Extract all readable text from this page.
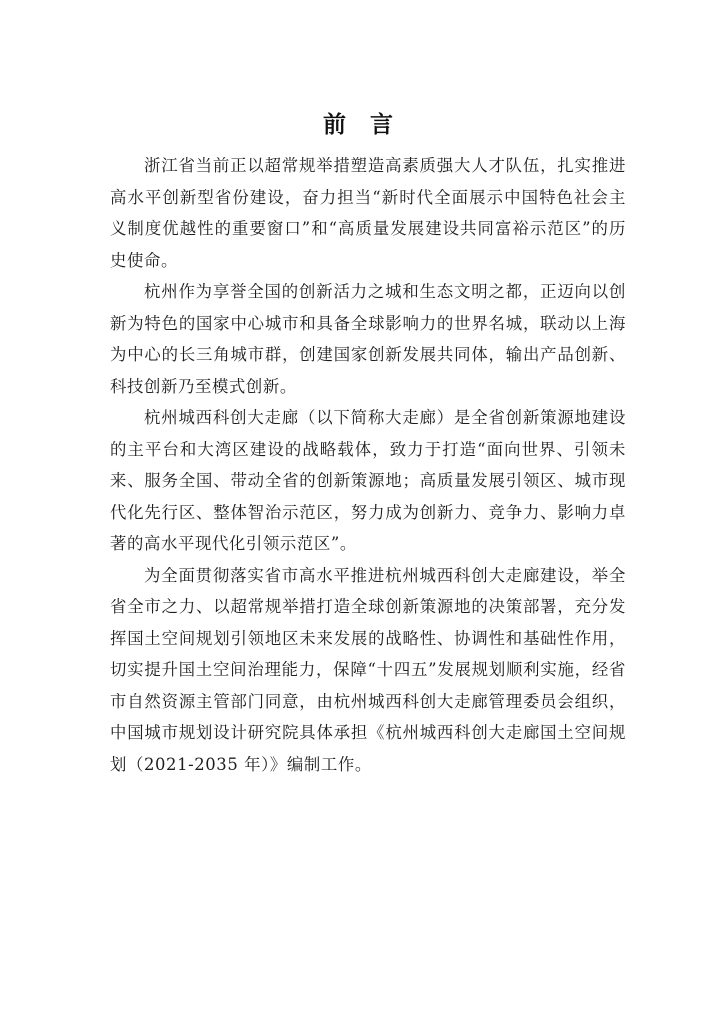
前 言

浙江省当前正以超常规举措塑造高素质强大人才队伍，扎实推进高水平创新型省份建设，奋力担当“新时代全面展示中国特色社会主义制度优越性的重要窗口”和“高质量发展建设共同富裕示范区”的历史使命。

杭州作为享誉全国的创新活力之城和生态文明之都，正迈向以创新为特色的国家中心城市和具备全球影响力的世界名城，联动以上海为中心的长三角城市群，创建国家创新发展共同体，输出产品创新、科技创新乃至模式创新。

杭州城西科创大走廊（以下简称大走廊）是全省创新策源地建设的主平台和大湾区建设的战略载体，致力于打造“面向世界、引领未来、服务全国、带动全省的创新策源地；高质量发展引领区、城市现代化先行区、整体智治示范区，努力成为创新力、竞争力、影响力卓著的高水平现代化引领示范区”。

为全面贯彻落实省市高水平推进杭州城西科创大走廊建设，举全省全市之力、以超常规举措打造全球创新策源地的决策部署，充分发挥国土空间规划引领地区未来发展的战略性、协调性和基础性作用，切实提升国土空间治理能力，保障“十四五”发展规划顺利实施，经省市自然资源主管部门同意，由杭州城西科创大走廊管理委员会组织，中国城市规划设计研究院具体承担《杭州城西科创大走廊国土空间规划（2021-2035 年）》编制工作。
